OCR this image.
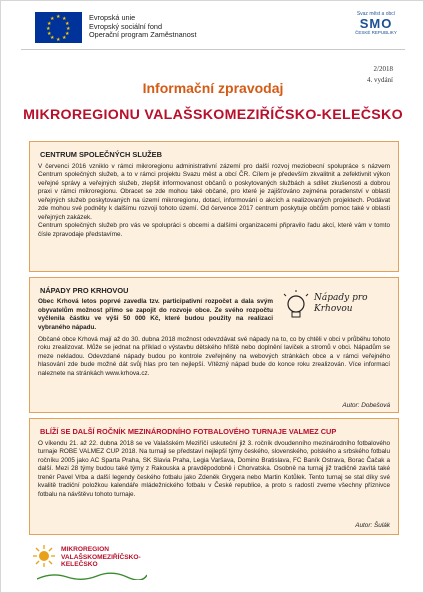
★ ★
★
★
★
★
★
★
★
★
★
★	Evropská unie
Evropský sociální fond
Operační program Zaměstnanost
Svaz měst a obcí
SMO
ČESKÉ REPUBLIKY
2/2018
4. vydání
Informační zpravodaj
MIKROREGIONU VALAŠSKOMEZIŘÍČSKO-KELEČSKO
CENTRUM SPOLEČNÝCH SLUŽEB

V červenci 2016 vzniklo v rámci mikroregionu administrativní zázemí pro další rozvoj meziobecní spolupráce s názvem Centrum společných služeb, a to v rámci projektu Svazu měst a obcí ČR. Cílem je především zkvalitnit a zefektivnit výkon veřejné správy a veřejných služeb, zlepšit informovanost občanů o poskytovaných službách a sdílet zkušenosti a dobrou praxi v rámci mikroregionu. Obracet se zde mohou také občané, pro které je zajišťováno zejména poradenství v oblasti veřejných služeb poskytovaných na území mikroregionu, dotací, informování o akcích a realizovaných projektech. Podávat zde mohou své podněty k dalšímu rozvoji tohoto území. Od července 2017 centrum poskytuje občům pomoc také v oblasti veřejných zakázek.

Centrum společných služeb pro vás ve spolupráci s obcemi a dalšími organizacemi připravilo řadu akcí, které vám v tomto čísle zpravodaje představíme.

NÁPADY PRO KRHOVOU
Obec Krhová letos poprvé zavedla tzv. participativní rozpočet a dala svým obyvatelům možnost přímo se zapojit do rozvoje obce. Ze svého rozpočtu vyčlenila částku ve výši 50 000 Kč, které budou použity na realizaci vybraného nápadu.

Občané obce Krhová mají až do 30. dubna 2018 možnost odevzdávat své nápady na to, co by chtěli v obci v průběhu tohoto roku zrealizovat. Může se jednat na příklad o výstavbu dětského hřiště nebo doplnění laviček a stromů v obci. Nápadům se meze nekladou. Odevzdané nápady budou po kontrole zveřejněny na webových stránkách obce a v rámci veřejného hlasování zde bude možné dát svůj hlas pro ten nejlepší. Vítězný nápad bude do konce roku zrealizován. Více informací naleznete na stránkách www.krhova.cz.

Autor: Dobešová
Nápady pro Krhovou
BLÍŽÍ SE DALŠÍ ROČNÍK MEZINÁRODNÍHO FOTBALOVÉHO TURNAJE VALMEZ CUP

O víkendu 21. až 22. dubna 2018 se ve Valašském Meziříčí uskuteční již 3. ročník dvoudenního mezinárodního fotbalového turnaje ROBE VALMEZ CUP 2018. Na turnaji se představí nejlepší týmy českého, slovenského, polského a srbského fotbalu ročníku 2005 jako AC Sparta Praha, SK Slavia Praha, Legia Varšava, Domino Bratislava, FC Baník Ostrava, Borac Čačak a další. Mezi 28 týmy budou také týmy z Rakouska a pravděpodobně i Chorvatska. Osobně na turnaj již tradičně zavítá také trenér Pavel Vrba a další legendy českého fotbalu jako Zdeněk Grygera nebo Martin Kotůlek. Tento turnaj se stal díky své kvalitě tradiční položkou kalendáře mládežnického fotbalu v České republice, a proto s radostí zveme všechny příznivce fotbalu na návštěvu tohoto turnaje.

Autor: Šulák
MIKROREGION
VALAŠSKOMEZIŘÍČSKO-
KELEČSKO
